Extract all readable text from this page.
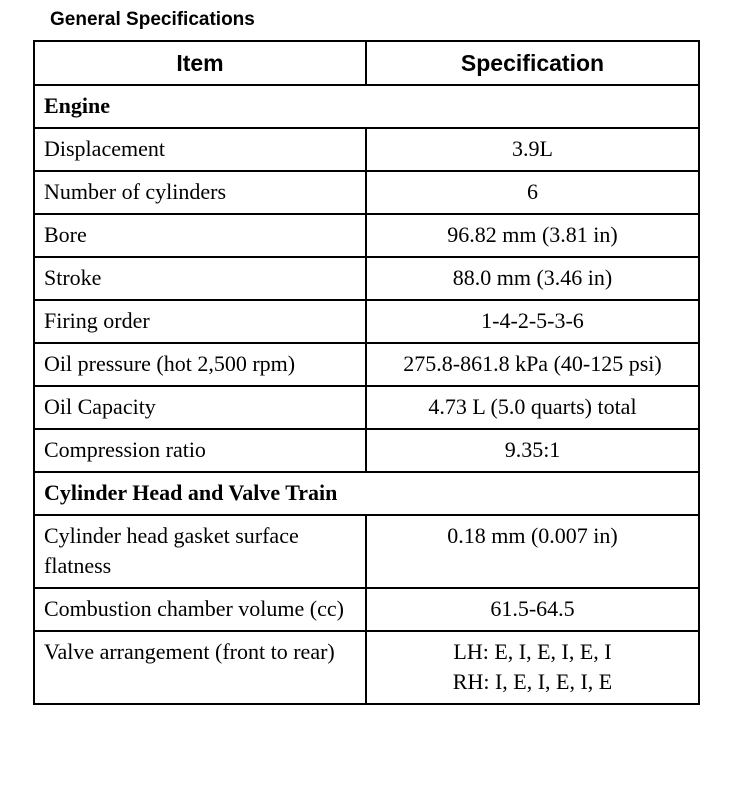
General Specifications
Item	Specification
Engine	
Displacement	3.9L
Number of cylinders	6
Bore	96.82 mm (3.81 in)
Stroke	88.0 mm (3.46 in)
Firing order	1-4-2-5-3-6
Oil pressure (hot 2,500 rpm)	275.8-861.8 kPa (40-125 psi)
Oil Capacity	4.73 L (5.0 quarts) total
Compression ratio	9.35:1
Cylinder Head and Valve Train	
Cylinder head gasket surface flatness	0.18 mm (0.007 in)
Combustion chamber volume (cc)	61.5-64.5
Valve arrangement (front to rear)	LH: E, I, E, I, E, I
RH: I, E, I, E, I, E
